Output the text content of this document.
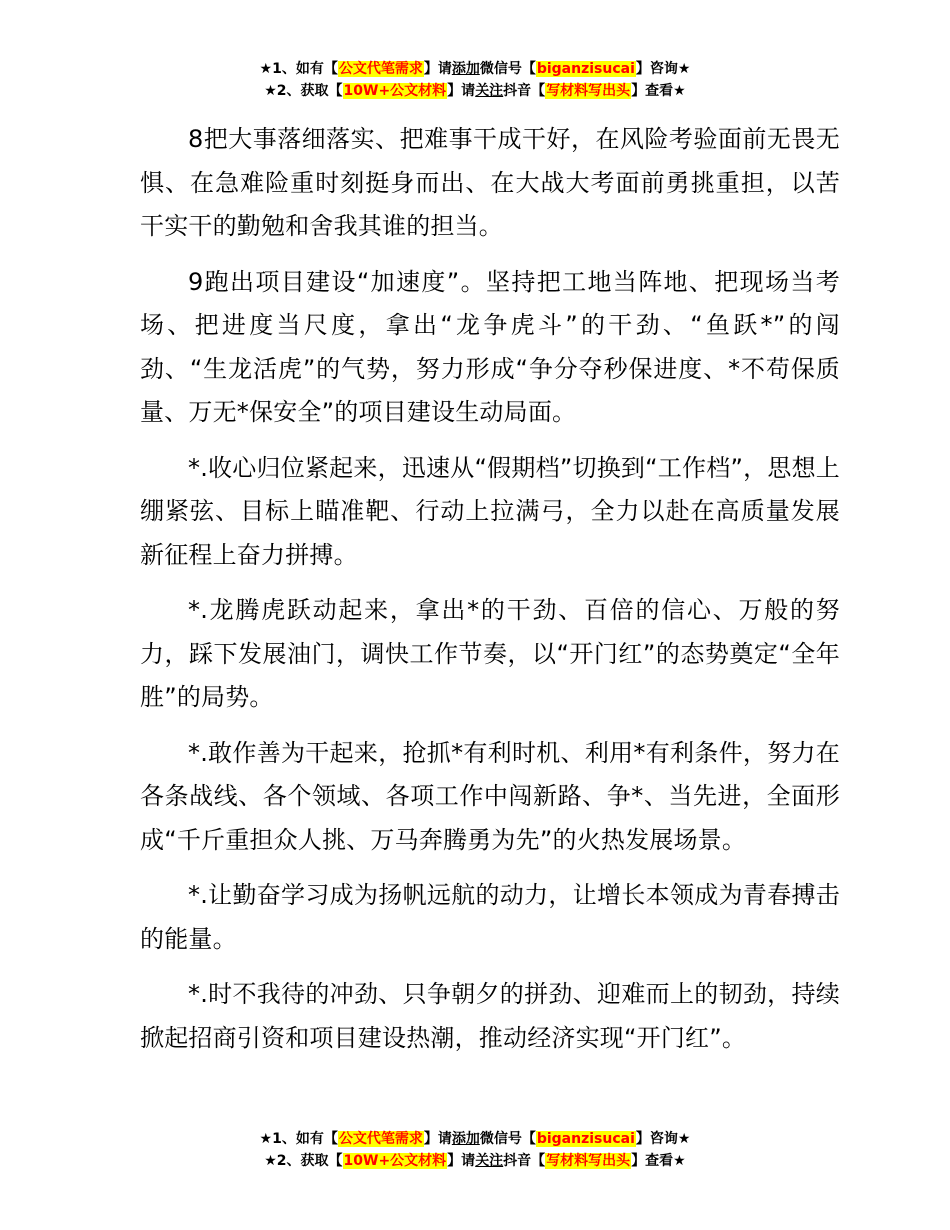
★1、如有【公文代笔需求】请添加微信号【biganzisucai】咨询★
★2、获取【10W+公文材料】请关注抖音【写材料写出头】查看★

8把大事落细落实、把难事干成干好，在风险考验面前无畏无惧、在急难险重时刻挺身而出、在大战大考面前勇挑重担，以苦干实干的勤勉和舍我其谁的担当。

9跑出项目建设“加速度”。坚持把工地当阵地、把现场当考场、把进度当尺度，拿出“龙争虎斗”的干劲、“鱼跃*”的闯劲、“生龙活虎”的气势，努力形成“争分夺秒保进度、*不苟保质量、万无*保安全”的项目建设生动局面。

*.收心归位紧起来，迅速从“假期档”切换到“工作档”，思想上绷紧弦、目标上瞄准靶、行动上拉满弓，全力以赴在高质量发展新征程上奋力拼搏。

*.龙腾虎跃动起来，拿出*的干劲、百倍的信心、万般的努力，踩下发展油门，调快工作节奏，以“开门红”的态势奠定“全年胜”的局势。

*.敢作善为干起来，抢抓*有利时机、利用*有利条件，努力在各条战线、各个领域、各项工作中闯新路、争*、当先进，全面形成“千斤重担众人挑、万马奔腾勇为先”的火热发展场景。

*.让勤奋学习成为扬帆远航的动力，让增长本领成为青春搏击的能量。

*.时不我待的冲劲、只争朝夕的拼劲、迎难而上的韧劲，持续掀起招商引资和项目建设热潮，推动经济实现“开门红”。

★1、如有【公文代笔需求】请添加微信号【biganzisucai】咨询★
★2、获取【10W+公文材料】请关注抖音【写材料写出头】查看★
